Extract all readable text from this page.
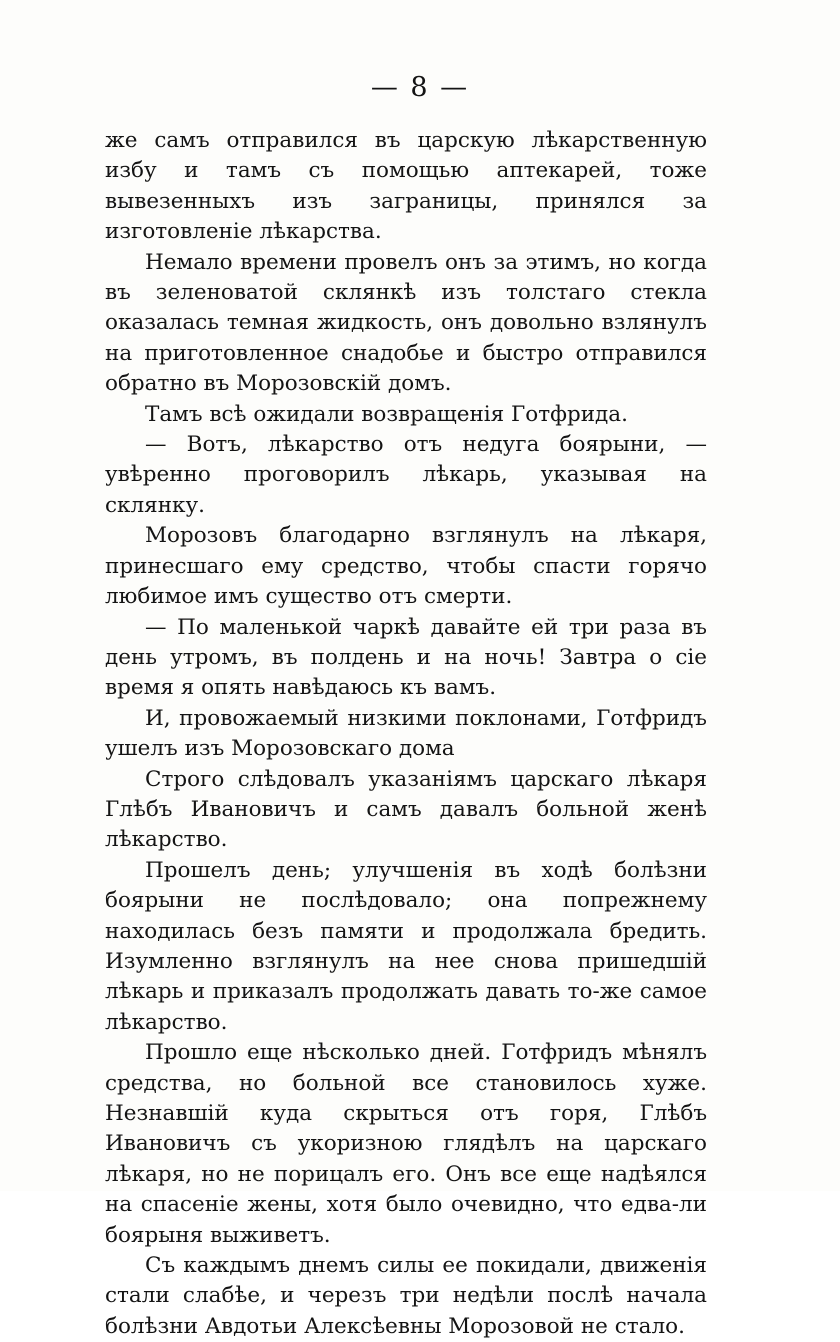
— 8 —

же самъ отправился въ царскую лѣкарственную избу и тамъ съ помощью аптекарей, тоже вывезенныхъ изъ заграницы, принялся за изготовленіе лѣкарства.

Немало времени провелъ онъ за этимъ, но когда въ зеленоватой склянкѣ изъ толстаго стекла оказалась темная жидкость, онъ довольно взлянулъ на приготовленное снадобье и быстро отправился обратно въ Морозовскій домъ.

Тамъ всѣ ожидали возвращенія Готфрида.

— Вотъ, лѣкарство отъ недуга боярыни, — увѣренно проговорилъ лѣкарь, указывая на склянку.

Морозовъ благодарно взглянулъ на лѣкаря, принесшаго ему средство, чтобы спасти горячо любимое имъ существо отъ смерти.

— По маленькой чаркѣ давайте ей три раза въ день утромъ, въ полдень и на ночь! Завтра о сіе время я опять навѣдаюсь къ вамъ.

И, провожаемый низкими поклонами, Готфридъ ушелъ изъ Морозовскаго дома

Строго слѣдовалъ указаніямъ царскаго лѣкаря Глѣбъ Ивановичъ и самъ давалъ больной женѣ лѣкарство.

Прошелъ день; улучшенія въ ходѣ болѣзни боярыни не послѣдовало; она попрежнему находилась безъ памяти и продолжала бредить. Изумленно взглянулъ на нее снова пришедшій лѣкарь и приказалъ продолжать давать то-же самое лѣкарство.

Прошло еще нѣсколько дней. Готфридъ мѣнялъ средства, но больной все становилось хуже. Незнавшій куда скрыться отъ горя, Глѣбъ Ивановичъ съ укоризною глядѣлъ на царскаго лѣкаря, но не порицалъ его. Онъ все еще надѣялся на спасеніе жены, хотя было очевидно, что едва-ли боярыня выживетъ.

Съ каждымъ днемъ силы ее покидали, движенія стали слабѣе, и черезъ три недѣли послѣ начала болѣзни Авдотьи Алексѣевны Морозовой не стало.
